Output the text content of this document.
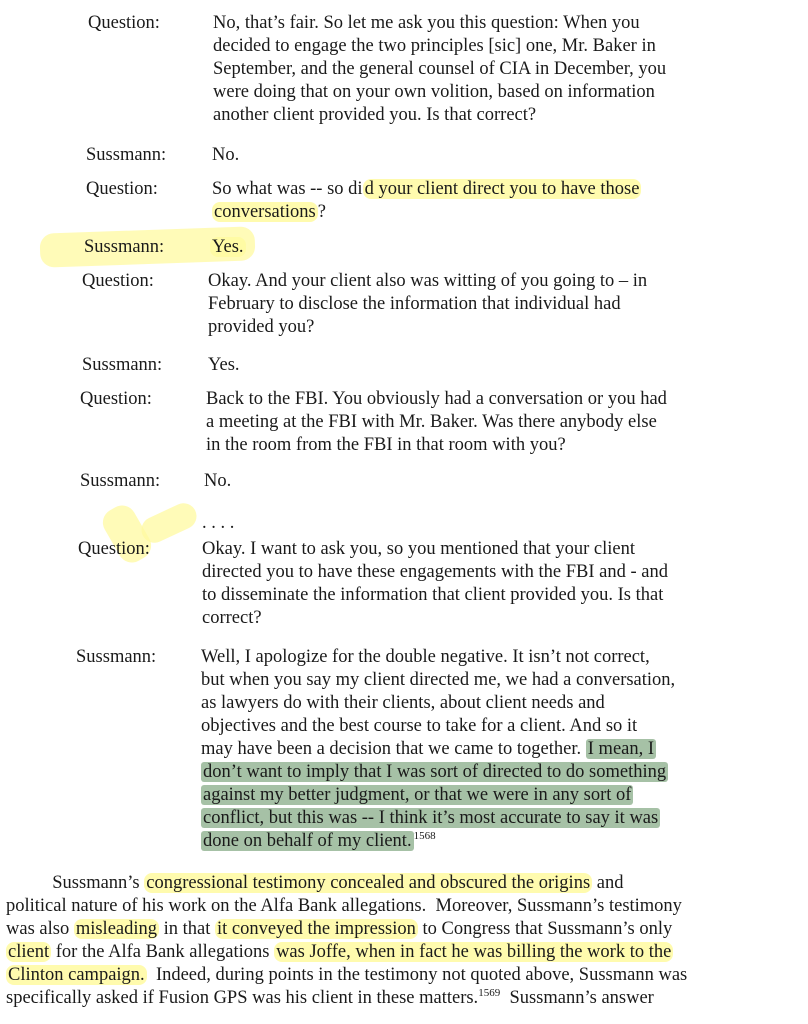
Question:	No, that’s fair. So let me ask you this question: When you
decided to engage the two principles [sic] one, Mr. Baker in
September, and the general counsel of CIA in December, you
were doing that on your own volition, based on information
another client provided you. Is that correct?
Sussmann: No.
Question:	So what was -- so di d your client direct you to have those
conversations ?
Sussmann:	Yes.
Question:	Okay. And your client also was witting of you going to – in
February to disclose the information that individual had
provided you?
Sussmann: Yes.
Question:	Back to the FBI. You obviously had a conversation or you had
a meeting at the FBI with Mr. Baker. Was there anybody else
in the room from the FBI in that room with you?
Sussmann: No.
. . . .
Question:	Okay. I want to ask you, so you mentioned that your client
directed you to have these engagements with the FBI and - and
to disseminate the information that client provided you. Is that
correct?
Sussmann: Well, I apologize for the double negative. It isn’t not correct,
but when you say my client directed me, we had a conversation,
as lawyers do with their clients, about client needs and
objectives and the best course to take for a client. And so it
may have been a decision that we came to together. I mean, I
don’t want to imply that I was sort of directed to do something
against my better judgment, or that we were in any sort of
conflict, but this was -- I think it’s most accurate to say it was
done on behalf of my client. $^{1568}$
Sussmann’s congressional testimony concealed and obscured the origins and
political nature of his work on the Alfa Bank allegations.  Moreover, Sussmann’s testimony
was also misleading in that it conveyed the impression to Congress that Sussmann’s only
client for the Alfa Bank allegations was Joffe, when in fact he was billing the work to the
Clinton campaign.  Indeed, during points in the testimony not quoted above, Sussmann was
specifically asked if Fusion GPS was his client in these matters.$^{1569}$  Sussmann’s answer
